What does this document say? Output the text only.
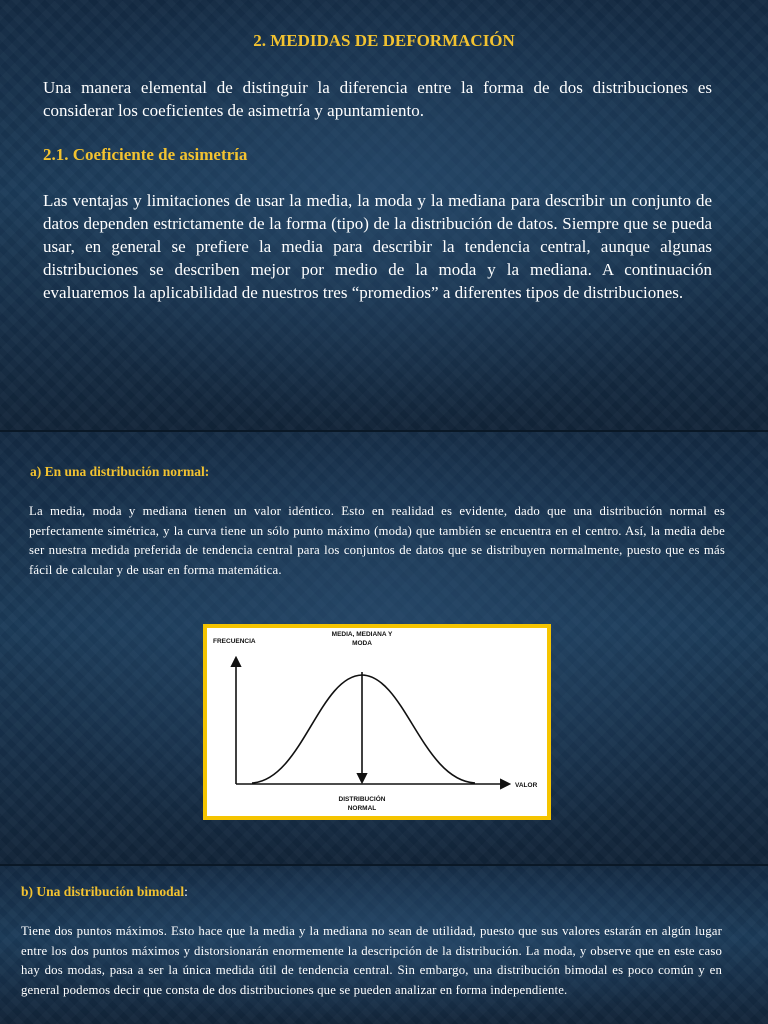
2. MEDIDAS DE DEFORMACIÓN

Una manera elemental de distinguir la diferencia entre la forma de dos distribuciones es considerar los coeficientes de asimetría y apuntamiento.

2.1. Coeficiente de asimetría

Las ventajas y limitaciones de usar la media, la moda y la mediana para describir un conjunto de datos dependen estrictamente de la forma (tipo) de la distribución de datos. Siempre que se pueda usar, en general se prefiere la media para describir la tendencia central, aunque algunas distribuciones se describen mejor por medio de la moda y la mediana. A continuación evaluaremos la aplicabilidad de nuestros tres “promedios” a diferentes tipos de distribuciones.

a) En una distribución normal:

La media, moda y mediana tienen un valor idéntico. Esto en realidad es evidente, dado que una distribución normal es perfectamente simétrica, y la curva tiene un sólo punto máximo (moda) que también se encuentra en el centro. Así, la media debe ser nuestra medida preferida de tendencia central para los conjuntos de datos que se distribuyen normalmente, puesto que es más fácil de calcular y de usar en forma matemática.

FRECUENCIA
MEDIA, MEDIANA Y MODA
VALOR
DISTRIBUCIÓN NORMAL
b) Una distribución bimodal:

Tiene dos puntos máximos. Esto hace que la media y la mediana no sean de utilidad, puesto que sus valores estarán en algún lugar entre los dos puntos máximos y distorsionarán enormemente la descripción de la distribución. La moda, y observe que en este caso hay dos modas, pasa a ser la única medida útil de tendencia central. Sin embargo, una distribución bimodal es poco común y en general podemos decir que consta de dos distribuciones que se pueden analizar en forma independiente.
